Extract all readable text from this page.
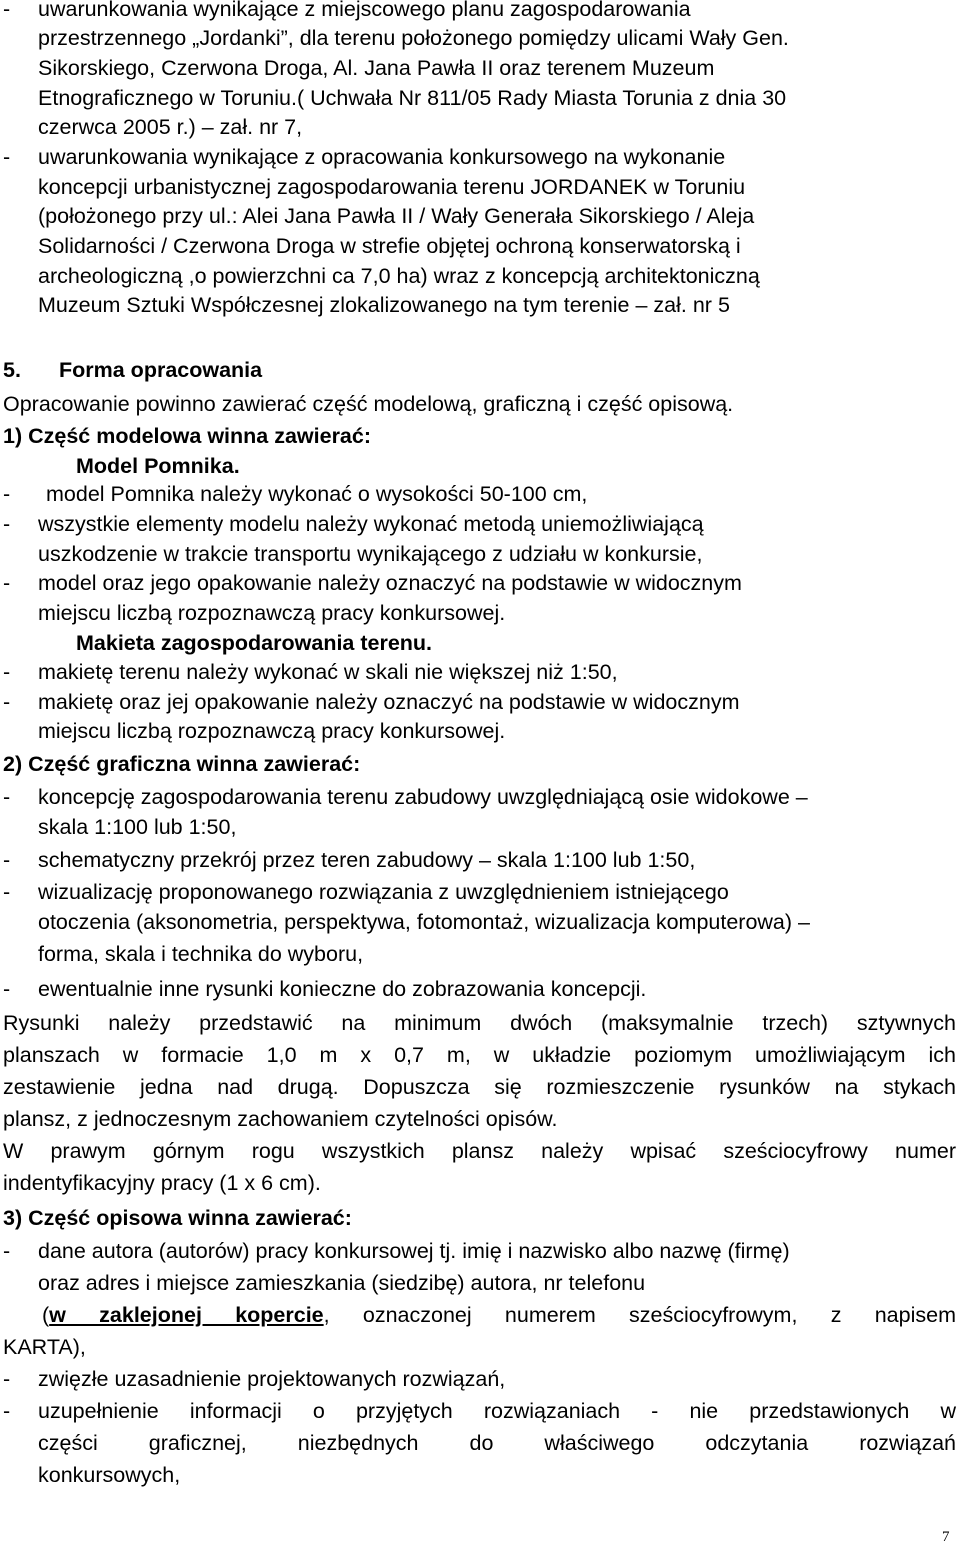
- uwarunkowania wynikające z miejscowego planu zagospodarowania
przestrzennego „Jordanki”, dla terenu położonego pomiędzy ulicami Wały Gen.
Sikorskiego, Czerwona Droga, Al. Jana Pawła II oraz terenem Muzeum
Etnograficznego w Toruniu.( Uchwała Nr 811/05 Rady Miasta Torunia z dnia 30
czerwca 2005 r.) – zał. nr 7,
- uwarunkowania wynikające z opracowania konkursowego na wykonanie
koncepcji urbanistycznej zagospodarowania terenu JORDANEK w Toruniu
(położonego przy ul.: Alei Jana Pawła II / Wały Generała Sikorskiego / Aleja
Solidarności / Czerwona Droga w strefie objętej ochroną konserwatorską i
archeologiczną ,o powierzchni ca 7,0 ha) wraz z koncepcją architektoniczną
Muzeum Sztuki Współczesnej zlokalizowanego na tym terenie – zał. nr 5
5. Forma opracowania
Opracowanie powinno zawierać część modelową, graficzną i część opisową.
1) Część modelowa winna zawierać:
Model Pomnika.
- model Pomnika należy wykonać o wysokości 50-100 cm,
- wszystkie elementy modelu należy wykonać metodą uniemożliwiającą
uszkodzenie w trakcie transportu wynikającego z udziału w konkursie,
- model oraz jego opakowanie należy oznaczyć na podstawie w widocznym
miejscu liczbą rozpoznawczą pracy konkursowej.
Makieta zagospodarowania terenu.
- makietę terenu należy wykonać w skali nie większej niż 1:50,
- makietę oraz jej opakowanie należy oznaczyć na podstawie w widocznym
miejscu liczbą rozpoznawczą pracy konkursowej.
2) Część graficzna winna zawierać:
- koncepcję zagospodarowania terenu zabudowy uwzględniającą osie widokowe –
skala 1:100 lub 1:50,
- schematyczny przekrój przez teren zabudowy – skala 1:100 lub 1:50,
- wizualizację proponowanego rozwiązania z uwzględnieniem istniejącego
otoczenia (aksonometria, perspektywa, fotomontaż, wizualizacja komputerowa) –
forma, skala i technika do wyboru,
- ewentualnie inne rysunki konieczne do zobrazowania koncepcji.
Rysunki należy przedstawić na minimum dwóch (maksymalnie trzech) sztywnych
planszach w formacie 1,0 m x 0,7 m, w układzie poziomym umożliwiającym ich
zestawienie jedna nad drugą. Dopuszcza się rozmieszczenie rysunków na stykach
plansz, z jednoczesnym zachowaniem czytelności opisów.
W prawym górnym rogu wszystkich plansz należy wpisać sześciocyfrowy numer
indentyfikacyjny pracy (1 x 6 cm).
3) Część opisowa winna zawierać:
- dane autora (autorów) pracy konkursowej tj. imię i nazwisko albo nazwę (firmę)
oraz adres i miejsce zamieszkania (siedzibę) autora, nr telefonu
(w zaklejonej kopercie, oznaczonej numerem sześciocyfrowym, z napisem
KARTA),
- zwięzłe uzasadnienie projektowanych rozwiązań,
- uzupełnienie informacji o przyjętych rozwiązaniach - nie przedstawionych w
części graficznej, niezbędnych do właściwego odczytania rozwiązań
konkursowych,
7
